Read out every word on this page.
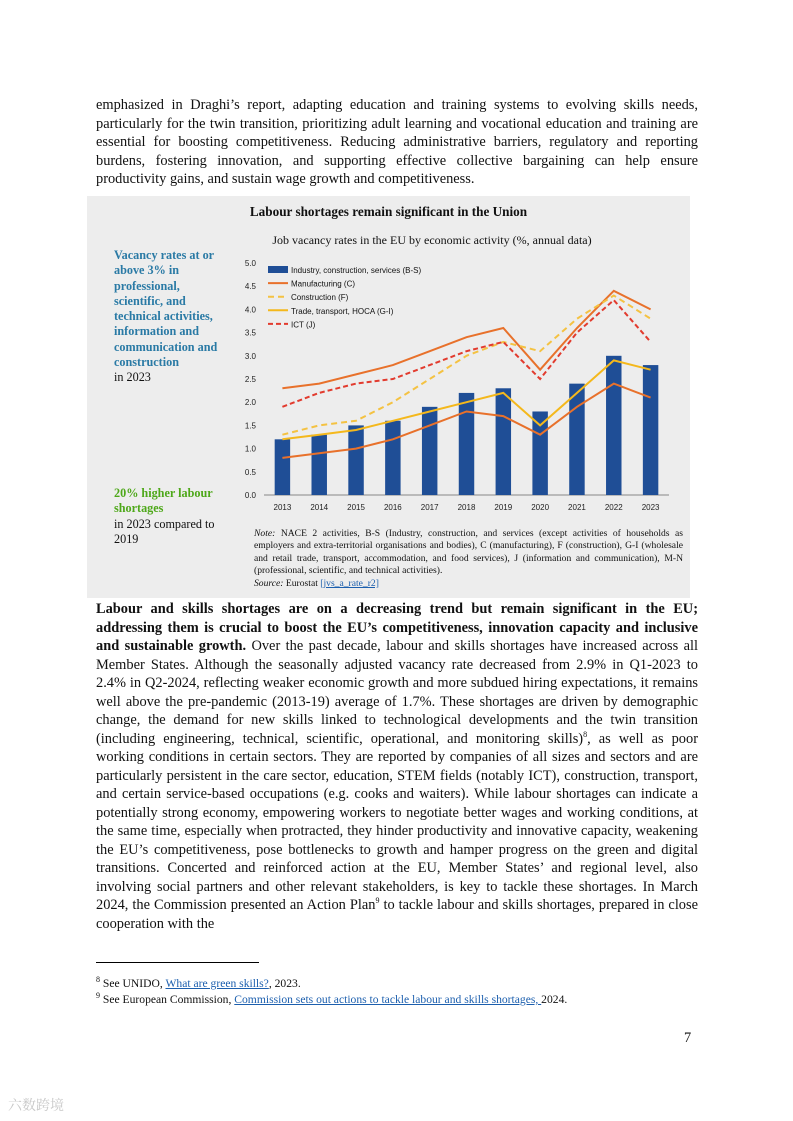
emphasized in Draghi’s report, adapting education and training systems to evolving skills needs, particularly for the twin transition, prioritizing adult learning and vocational education and training are essential for boosting competitiveness. Reducing administrative barriers, regulatory and reporting burdens, fostering innovation, and supporting effective collective bargaining can help ensure productivity gains, and sustain wage growth and competitiveness.

Labour shortages remain significant in the Union
Vacancy rates at or above 3% in professional, scientific, and technical activities, information and communication and construction
in 2023
20% higher labour shortages
in 2023 compared to 2019
Job vacancy rates in the EU by economic activity (%, annual data)
0.0
0.5
1.0
1.5
2.0
2.5
3.0
3.5
4.0
4.5
5.0
2013 2014 2015 2016 2017 2018 2019 2020 2021 2022 2023
Industry, construction, services (B-S)
Manufacturing (C)
Construction (F)
Trade, transport, HOCA (G-I)
ICT (J)
Note: NACE 2 activities, B-S (Industry, construction, and services (except activities of households as employers and extra-territorial organisations and bodies), C (manufacturing), F (construction), G-I (wholesale and retail trade, transport, accommodation, and food services), J (information and communication), M-N (professional, scientific, and technical activities).
Source: Eurostat [jvs_a_rate_r2]

Labour and skills shortages are on a decreasing trend but remain significant in the EU; addressing them is crucial to boost the EU’s competitiveness, innovation capacity and inclusive and sustainable growth. Over the past decade, labour and skills shortages have increased across all Member States. Although the seasonally adjusted vacancy rate decreased from 2.9% in Q1-2023 to 2.4% in Q2-2024, reflecting weaker economic growth and more subdued hiring expectations, it remains well above the pre-pandemic (2013-19) average of 1.7%. These shortages are driven by demographic change, the demand for new skills linked to technological developments and the twin transition (including engineering, technical, scientific, operational, and monitoring skills)$^8$, as well as poor working conditions in certain sectors. They are reported by companies of all sizes and sectors and are particularly persistent in the care sector, education, STEM fields (notably ICT), construction, transport, and certain service-based occupations (e.g. cooks and waiters). While labour shortages can indicate a potentially strong economy, empowering workers to negotiate better wages and working conditions, at the same time, especially when protracted, they hinder productivity and innovative capacity, weakening the EU’s competitiveness, pose bottlenecks to growth and hamper progress on the green and digital transitions. Concerted and reinforced action at the EU, Member States’ and regional level, also involving social partners and other relevant stakeholders, is key to tackle these shortages. In March 2024, the Commission presented an Action Plan$^9$ to tackle labour and skills shortages, prepared in close cooperation with the

$^8$ See UNIDO, What are green skills?, 2023.
$^9$ See European Commission, Commission sets out actions to tackle labour and skills shortages, 2024.
7
六数跨境
